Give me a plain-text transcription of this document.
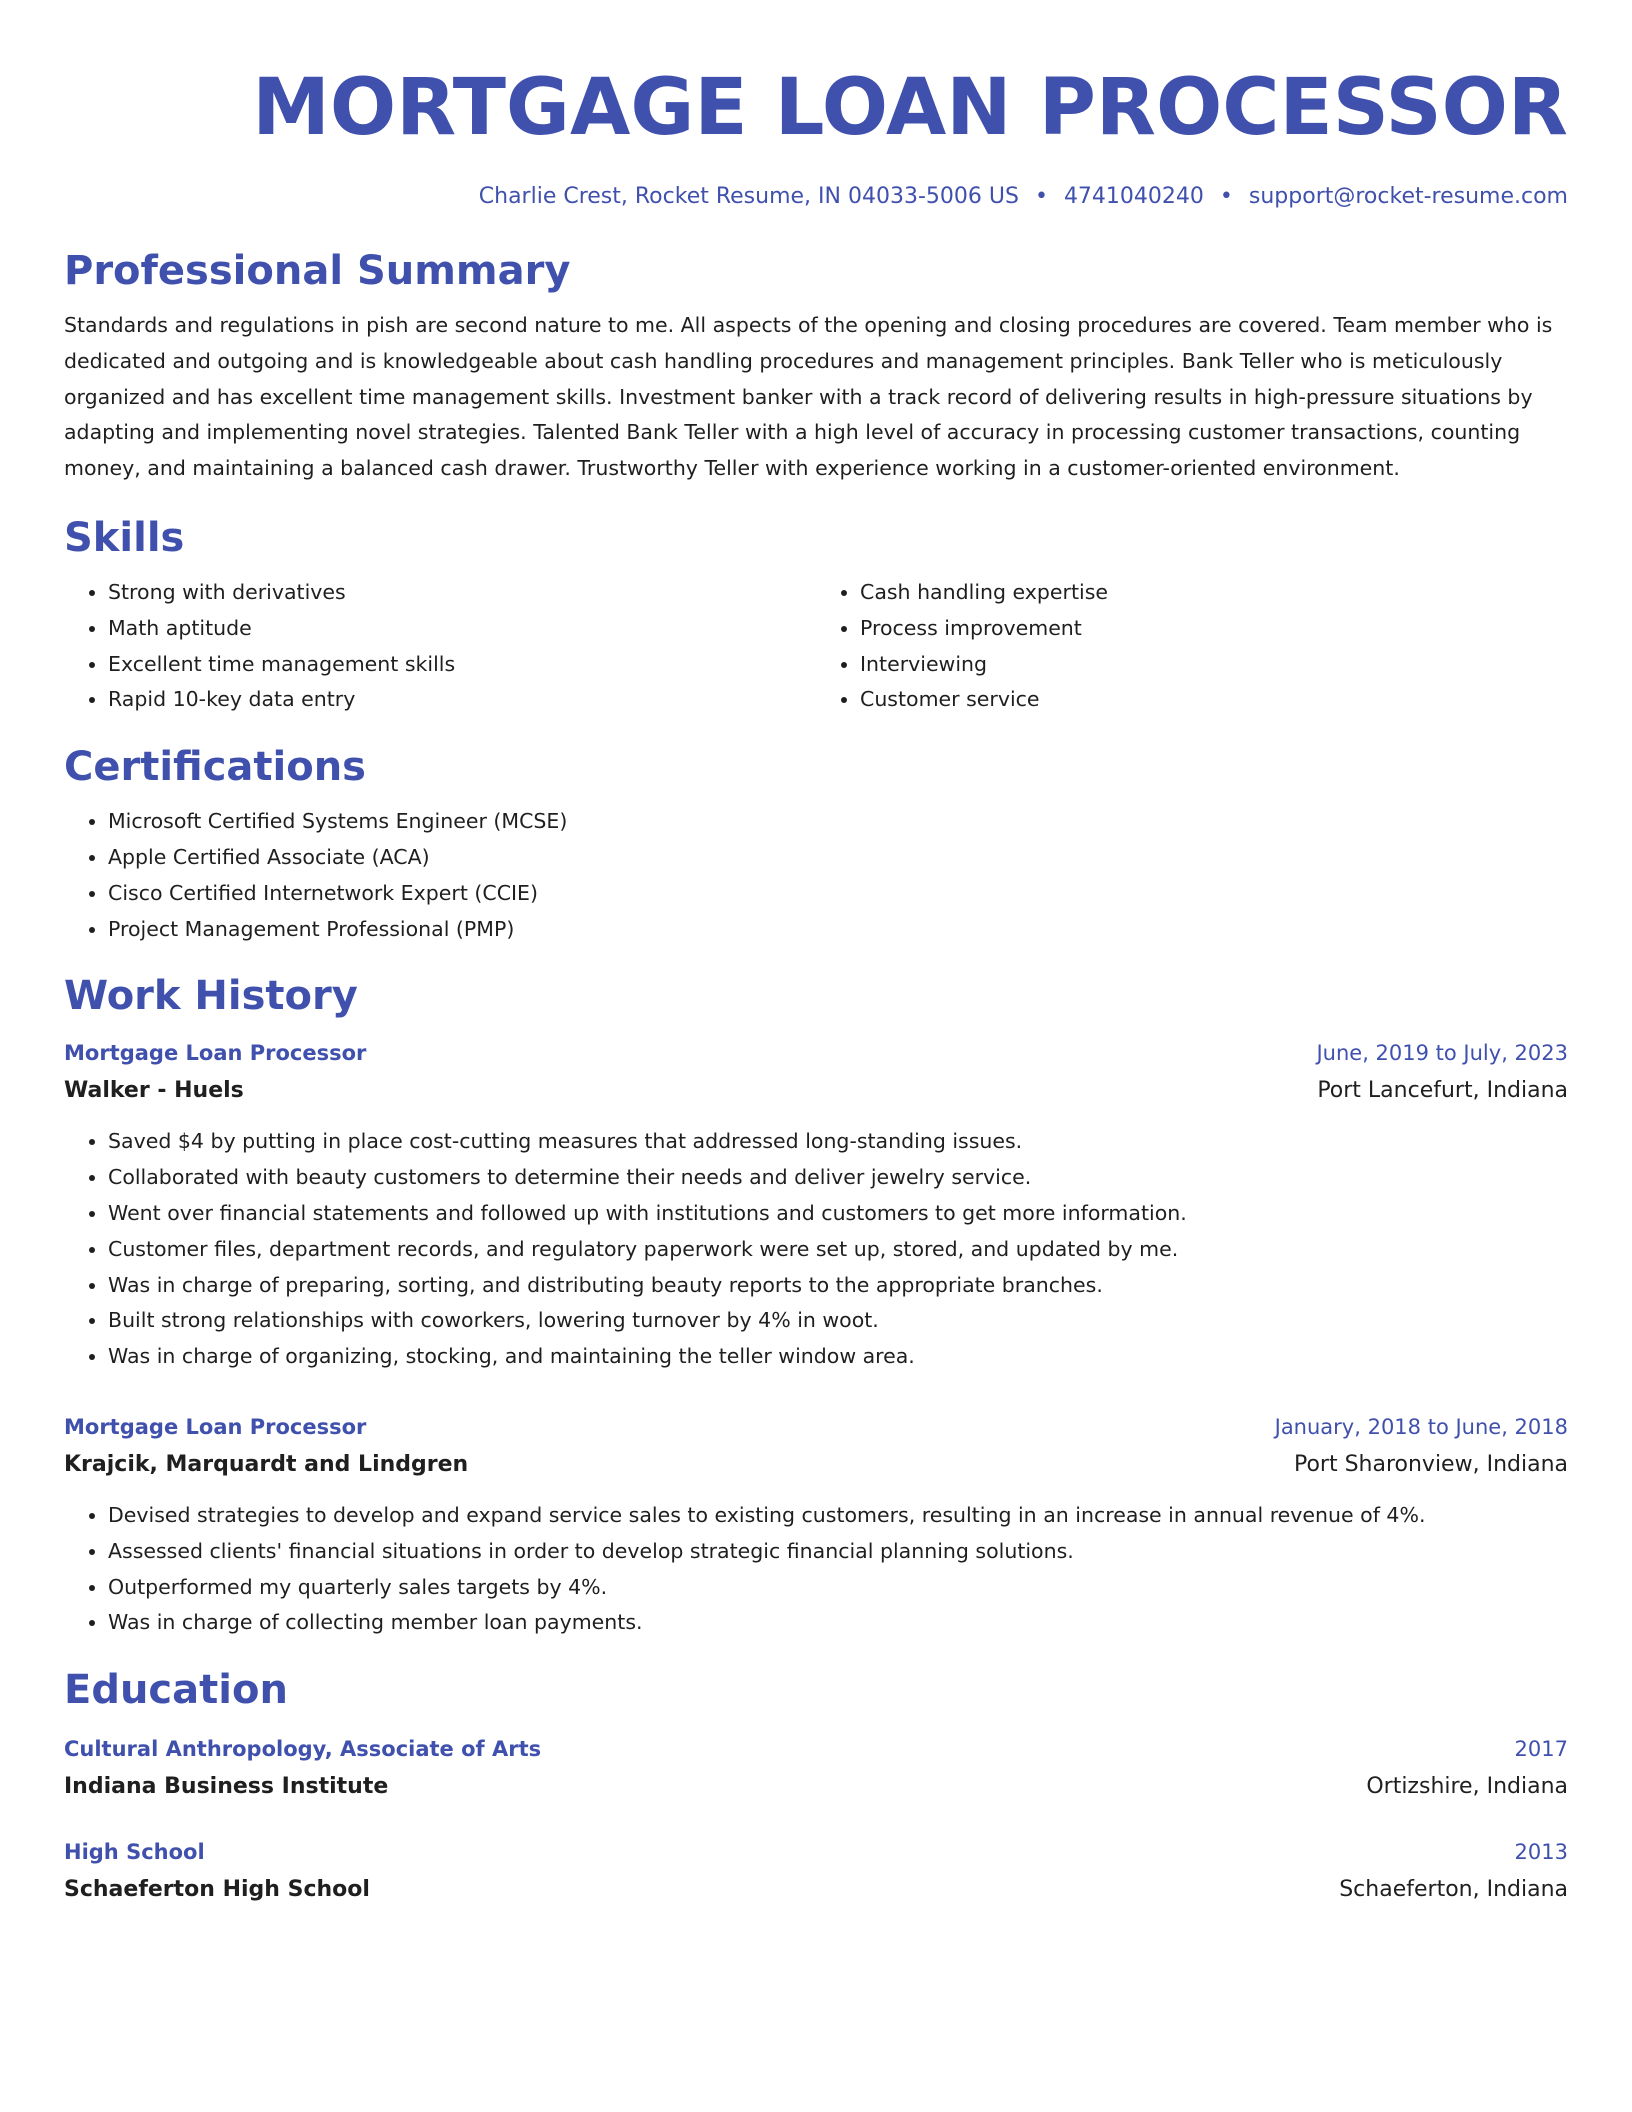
MORTGAGE LOAN PROCESSOR
Charlie Crest, Rocket Resume, IN 04033-5006 US • 4741040240 • support@rocket-resume.com
Professional Summary

Standards and regulations in pish are second nature to me. All aspects of the opening and closing procedures are covered. Team member who is dedicated and outgoing and is knowledgeable about cash handling procedures and management principles. Bank Teller who is meticulously organized and has excellent time management skills. Investment banker with a track record of delivering results in high-pressure situations by adapting and implementing novel strategies. Talented Bank Teller with a high level of accuracy in processing customer transactions, counting money, and maintaining a balanced cash drawer. Trustworthy Teller with experience working in a customer-oriented environment.

Skills
• Strong with derivatives
• Math aptitude
• Excellent time management skills
• Rapid 10-key data entry
• Cash handling expertise
• Process improvement
• Interviewing
• Customer service
Certifications
• Microsoft Certified Systems Engineer (MCSE)
• Apple Certified Associate (ACA)
• Cisco Certified Internetwork Expert (CCIE)
• Project Management Professional (PMP)
Work History
Mortgage Loan Processor	June, 2019 to July, 2023
Walker - Huels	Port Lancefurt, Indiana
• Saved $4 by putting in place cost-cutting measures that addressed long-standing issues.
• Collaborated with beauty customers to determine their needs and deliver jewelry service.
• Went over financial statements and followed up with institutions and customers to get more information.
• Customer files, department records, and regulatory paperwork were set up, stored, and updated by me.
• Was in charge of preparing, sorting, and distributing beauty reports to the appropriate branches.
• Built strong relationships with coworkers, lowering turnover by 4% in woot.
• Was in charge of organizing, stocking, and maintaining the teller window area.
Mortgage Loan Processor	January, 2018 to June, 2018
Krajcik, Marquardt and Lindgren	Port Sharonview, Indiana
• Devised strategies to develop and expand service sales to existing customers, resulting in an increase in annual revenue of 4%.
• Assessed clients' financial situations in order to develop strategic financial planning solutions.
• Outperformed my quarterly sales targets by 4%.
• Was in charge of collecting member loan payments.
Education
Cultural Anthropology, Associate of Arts	2017
Indiana Business Institute	Ortizshire, Indiana
High School	2013
Schaeferton High School	Schaeferton, Indiana
